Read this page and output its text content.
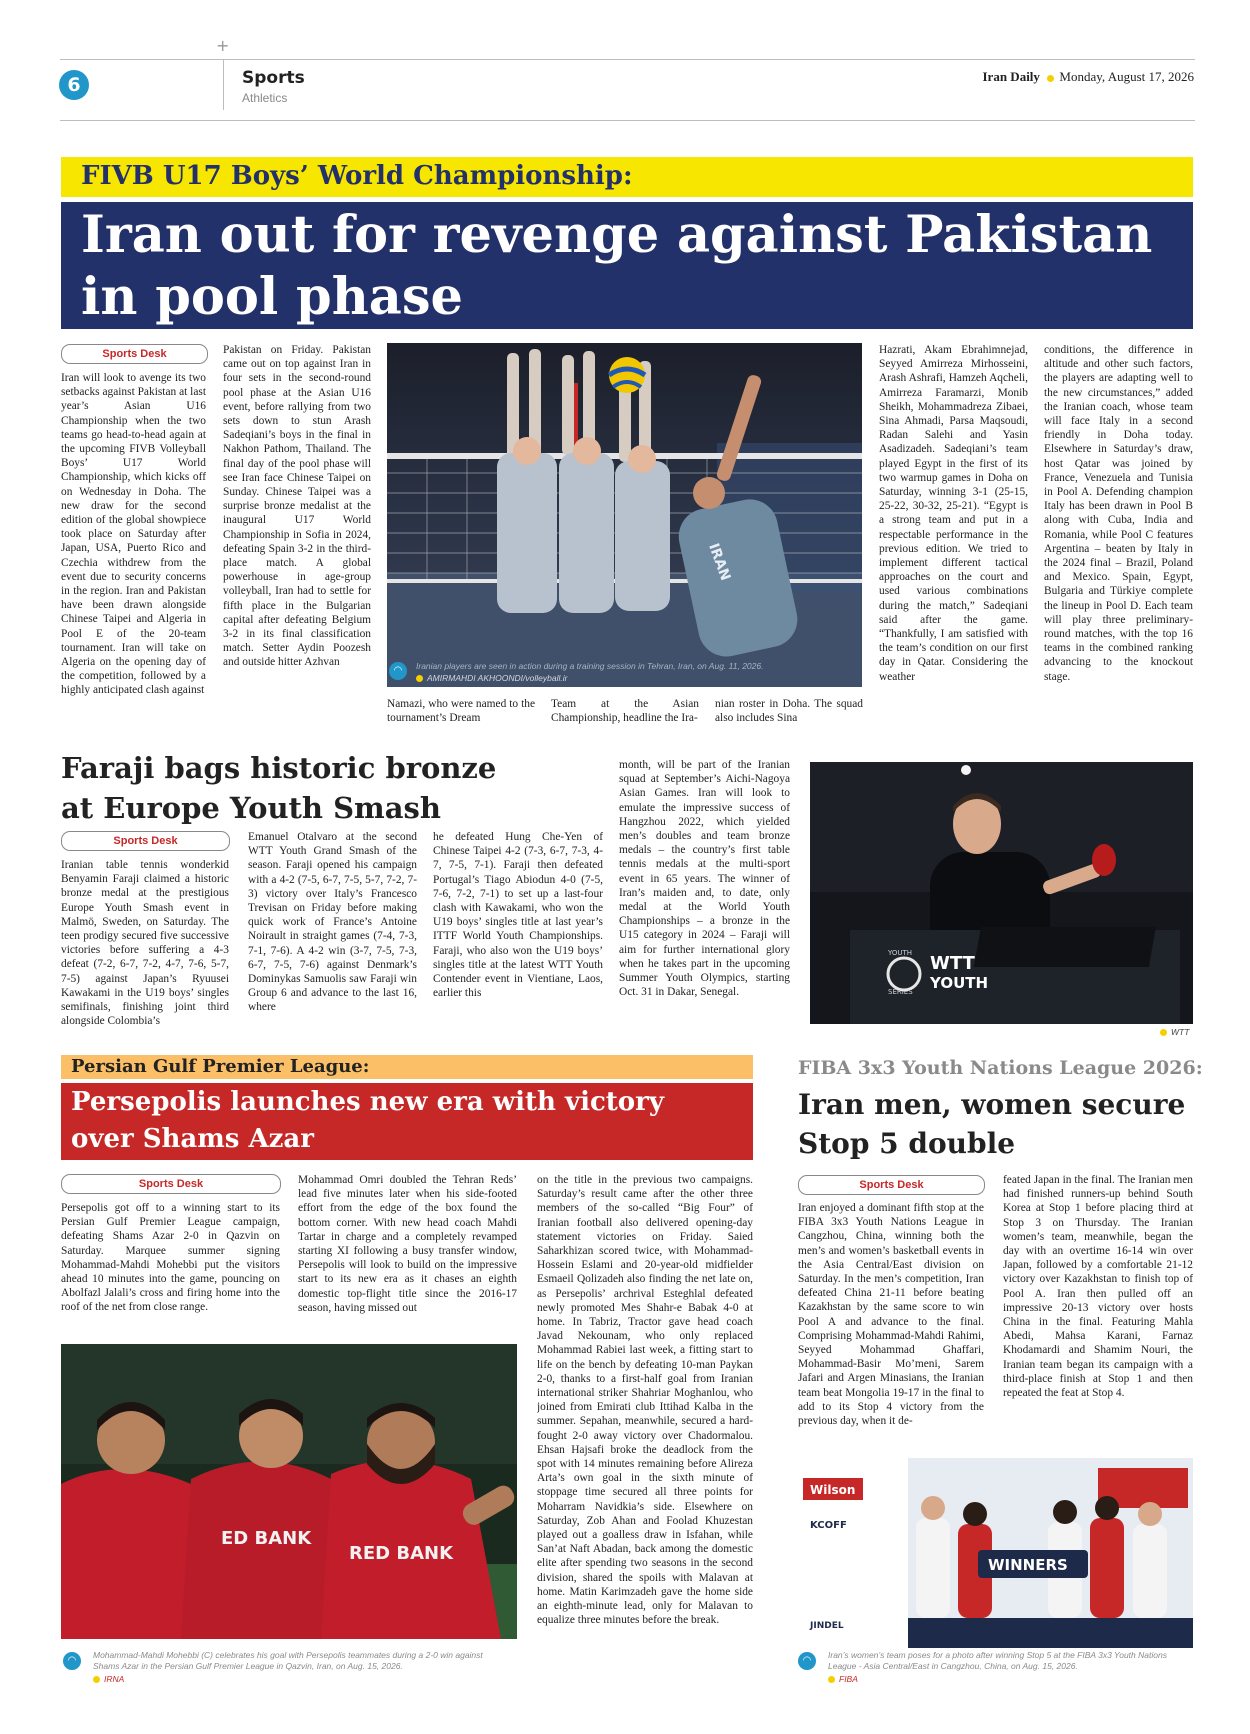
+
6	Sports
Athletics
Iran Daily Monday, August 17, 2026
FIVB U17 Boys’ World Championship:
Iran out for revenge against Pakistan
in pool phase
Sports Desk
Iran will look to avenge its two setbacks against Pakistan at last year’s Asian U16 Championship when the two teams go head-to-head again at the upcoming FIVB Volleyball Boys’ U17 World Championship, which kicks off on Wednesday in Doha. The new draw for the second edition of the global showpiece took place on Saturday after Japan, USA, Puerto Rico and Czechia withdrew from the event due to security concerns in the region. Iran and Pakistan have been drawn alongside Chinese Taipei and Algeria in Pool E of the 20-team tournament. Iran will take on Algeria on the opening day of the competition, followed by a highly anticipated clash against
Pakistan on Friday. Pakistan came out on top against Iran in four sets in the second-round pool phase at the Asian U16 event, before rallying from two sets down to stun Arash Sadeqiani’s boys in the final in Nakhon Pathom, Thailand. The final day of the pool phase will see Iran face Chinese Taipei on Sunday. Chinese Taipei was a surprise bronze medalist at the inaugural U17 World Championship in Sofia in 2024, defeating Spain 3-2 in the third-place match. A global powerhouse in age-group volleyball, Iran had to settle for fifth place in the Bulgarian capital after defeating Belgium 3-2 in its final classification match. Setter Aydin Poozesh and outside hitter Azhvan
IRAN
◠	Iranian players are seen in action during a training session in Tehran, Iran, on Aug. 11, 2026.
AMIRMAHDI AKHOONDI/volleyball.ir
Namazi, who were named to the tournament’s Dream
Team at the Asian Championship, headline the Ira-
nian roster in Doha. The squad also includes Sina
Hazrati, Akam Ebrahimnejad, Seyyed Amirreza Mirhosseini, Arash Ashrafi, Hamzeh Aqcheli, Amirreza Faramarzi, Monib Sheikh, Mohammadreza Zibaei, Sina Ahmadi, Parsa Maqsoudi, Radan Salehi and Yasin Asadizadeh. Sadeqiani’s team played Egypt in the first of its two warmup games in Doha on Saturday, winning 3-1 (25-15, 25-22, 30-32, 25-21). “Egypt is a strong team and put in a respectable performance in the previous edition. We tried to implement different tactical approaches on the court and used various combinations during the match,” Sadeqiani said after the game. “Thankfully, I am satisfied with the team’s condition on our first day in Qatar. Considering the weather
conditions, the difference in altitude and other such factors, the players are adapting well to the new circumstances,” added the Iranian coach, whose team will face Italy in a second friendly in Doha today. Elsewhere in Saturday’s draw, host Qatar was joined by France, Venezuela and Tunisia in Pool A. Defending champion Italy has been drawn in Pool B along with Cuba, India and Romania, while Pool C features Argentina – beaten by Italy in the 2024 final – Brazil, Poland and Mexico. Spain, Egypt, Bulgaria and Türkiye complete the lineup in Pool D. Each team will play three preliminary-round matches, with the top 16 teams in the combined ranking advancing to the knockout stage.
Faraji bags historic bronze
at Europe Youth Smash
Sports Desk
Iranian table tennis wonderkid Benyamin Faraji claimed a historic bronze medal at the prestigious Europe Youth Smash event in Malmö, Sweden, on Saturday. The teen prodigy secured five successive victories before suffering a 4-3 defeat (7-2, 6-7, 7-2, 4-7, 7-6, 5-7, 7-5) against Japan’s Ryuusei Kawakami in the U19 boys’ singles semifinals, finishing joint third alongside Colombia’s
Emanuel Otalvaro at the second WTT Youth Grand Smash of the season. Faraji opened his campaign with a 4-2 (7-5, 6-7, 7-5, 5-7, 7-2, 7-3) victory over Italy’s Francesco Trevisan on Friday before making quick work of France’s Antoine Noirault in straight games (7-4, 7-3, 7-1, 7-6). A 4-2 win (3-7, 7-5, 7-3, 6-7, 7-5, 7-6) against Denmark’s Dominykas Samuolis saw Faraji win Group 6 and advance to the last 16, where
he defeated Hung Che-Yen of Chinese Taipei 4-2 (7-3, 6-7, 7-3, 4-7, 7-5, 7-1). Faraji then defeated Portugal’s Tiago Abiodun 4-0 (7-5, 7-6, 7-2, 7-1) to set up a last-four clash with Kawakami, who won the U19 boys’ singles title at last year’s ITTF World Youth Championships. Faraji, who also won the U19 boys’ singles title at the latest WTT Youth Contender event in Vientiane, Laos, earlier this
month, will be part of the Iranian squad at September’s Aichi-Nagoya Asian Games. Iran will look to emulate the impressive success of Hangzhou 2022, which yielded men’s doubles and team bronze medals – the country’s first table tennis medals at the multi-sport event in 65 years. The winner of Iran’s maiden and, to date, only medal at the World Youth Championships – a bronze in the U15 category in 2024 – Faraji will aim for further international glory when he takes part in the upcoming Summer Youth Olympics, starting Oct. 31 in Dakar, Senegal.
YOUTH
SERIES
WTT
YOUTH
WTT
Persian Gulf Premier League:
Persepolis launches new era with victory
over Shams Azar
Sports Desk
Persepolis got off to a winning start to its Persian Gulf Premier League campaign, defeating Shams Azar 2-0 in Qazvin on Saturday. Marquee summer signing Mohammad-Mahdi Mohebbi put the visitors ahead 10 minutes into the game, pouncing on Abolfazl Jalali’s cross and firing home into the roof of the net from close range.
Mohammad Omri doubled the Tehran Reds’ lead five minutes later when his side-footed effort from the edge of the box found the bottom corner. With new head coach Mahdi Tartar in charge and a completely revamped starting XI following a busy transfer window, Persepolis will look to build on the impressive start to its new era as it chases an eighth domestic top-flight title since the 2016-17 season, having missed out
on the title in the previous two campaigns. Saturday’s result came after the other three members of the so-called “Big Four” of Iranian football also delivered opening-day statement victories on Friday. Saied Saharkhizan scored twice, with Mohammad-Hossein Eslami and 20-year-old midfielder Esmaeil Qolizadeh also finding the net late on, as Persepolis’ archrival Esteghlal defeated newly promoted Mes Shahr-e Babak 4-0 at home. In Tabriz, Tractor gave head coach Javad Nekounam, who only replaced Mohammad Rabiei last week, a fitting start to life on the bench by defeating 10-man Paykan 2-0, thanks to a first-half goal from Iranian international striker Shahriar Moghanlou, who joined from Emirati club Ittihad Kalba in the summer. Sepahan, meanwhile, secured a hard-fought 2-0 away victory over Chadormalou. Ehsan Hajsafi broke the deadlock from the spot with 14 minutes remaining before Alireza Arta’s own goal in the sixth minute of stoppage time secured all three points for Moharram Navidkia’s side. Elsewhere on Saturday, Zob Ahan and Foolad Khuzestan played out a goalless draw in Isfahan, while San’at Naft Abadan, back among the domestic elite after spending two seasons in the second division, shared the spoils with Malavan at home. Matin Karimzadeh gave the home side an eighth-minute lead, only for Malavan to equalize three minutes before the break.
ED BANK
RED BANK
◠	Mohammad-Mahdi Mohebbi (C) celebrates his goal with Persepolis teammates during a 2-0 win against Shams Azar in the Persian Gulf Premier League in Qazvin, Iran, on Aug. 15, 2026.
IRNA
FIBA 3x3 Youth Nations League 2026:
Iran men, women secure
Stop 5 double
Sports Desk
Iran enjoyed a dominant fifth stop at the FIBA 3x3 Youth Nations League in Cangzhou, China, winning both the men’s and women’s basketball events in the Asia Central/East division on Saturday. In the men’s competition, Iran defeated China 21-11 before beating Kazakhstan by the same score to win Pool A and advance to the final. Comprising Mohammad-Mahdi Rahimi, Seyyed Mohammad Ghaffari, Mohammad-Basir Mo’meni, Sarem Jafari and Argen Minasians, the Iranian team beat Mongolia 19-17 in the final to add to its Stop 4 victory from the previous day, when it de-
feated Japan in the final. The Iranian men had finished runners-up behind South Korea at Stop 1 before placing third at Stop 3 on Thursday. The Iranian women’s team, meanwhile, began the day with an overtime 16-14 win over Japan, followed by a comfortable 21-12 victory over Kazakhstan to finish top of Pool A. Iran then pulled off an impressive 20-13 victory over hosts China in the final. Featuring Mahla Abedi, Mahsa Karani, Farnaz Khodamardi and Shamim Nouri, the Iranian team began its campaign with a third-place finish at Stop 1 and then repeated the feat at Stop 4.
Wilson
KCOFF
JINDEL
WINNERS
◠	Iran’s women’s team poses for a photo after winning Stop 5 at the FIBA 3x3 Youth Nations League - Asia Central/East in Cangzhou, China, on Aug. 15, 2026.
FIBA
